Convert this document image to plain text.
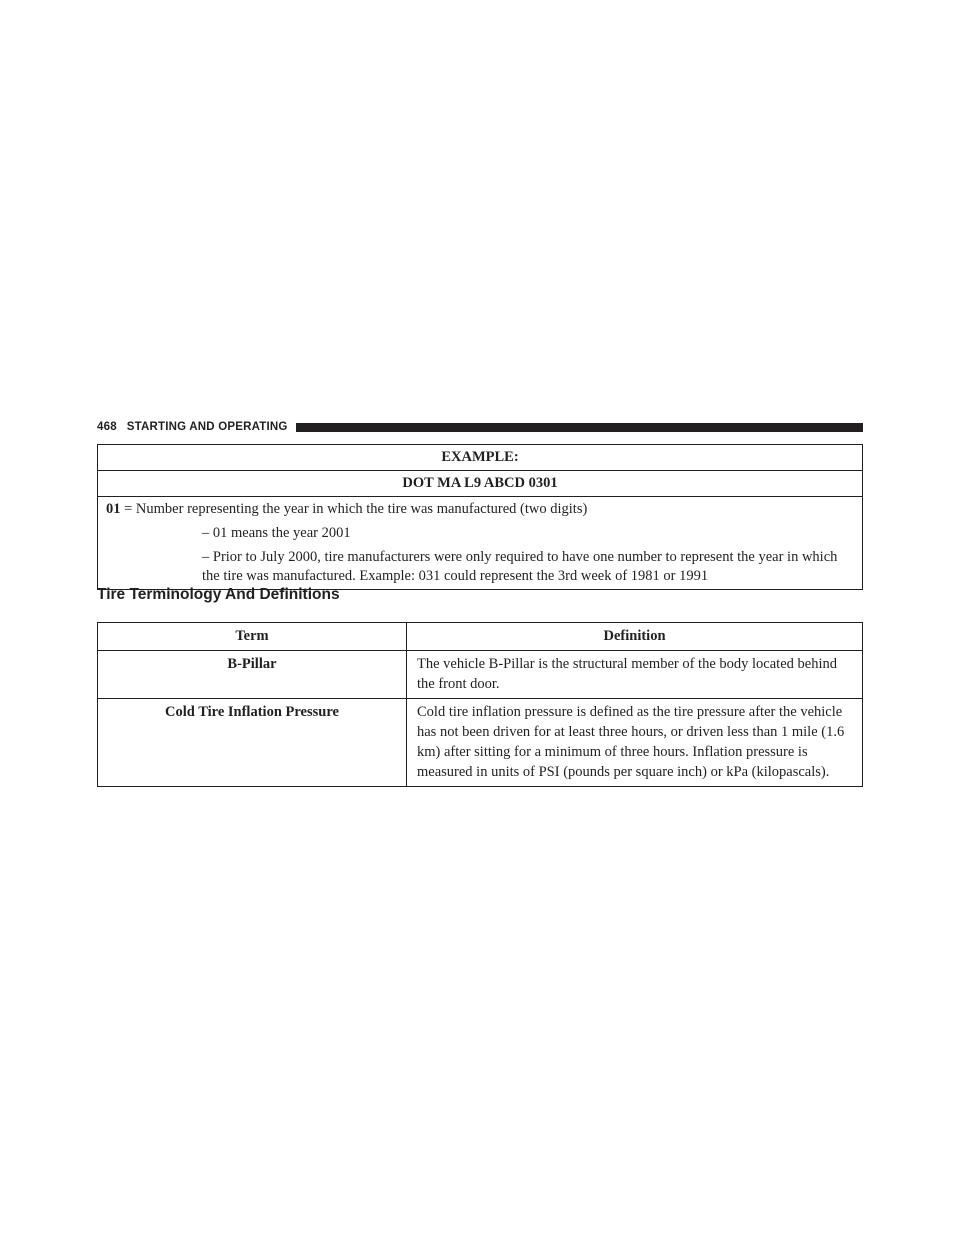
468 STARTING AND OPERATING
EXAMPLE:
DOT MA L9 ABCD 0301

01 = Number representing the year in which the tire was manufactured (two digits)
– 01 means the year 2001
– Prior to July 2000, tire manufacturers were only required to have one number to represent the year in which the tire was manufactured. Example: 031 could represent the 3rd week of 1981 or 1991
Tire Terminology And Definitions
Term	Definition
B-Pillar	The vehicle B-Pillar is the structural member of the body located behind the front door.
Cold Tire Inflation Pressure	Cold tire inflation pressure is defined as the tire pressure after the vehicle has not been driven for at least three hours, or driven less than 1 mile (1.6 km) after sitting for a minimum of three hours. Inflation pressure is measured in units of PSI (pounds per square inch) or kPa (kilopascals).
